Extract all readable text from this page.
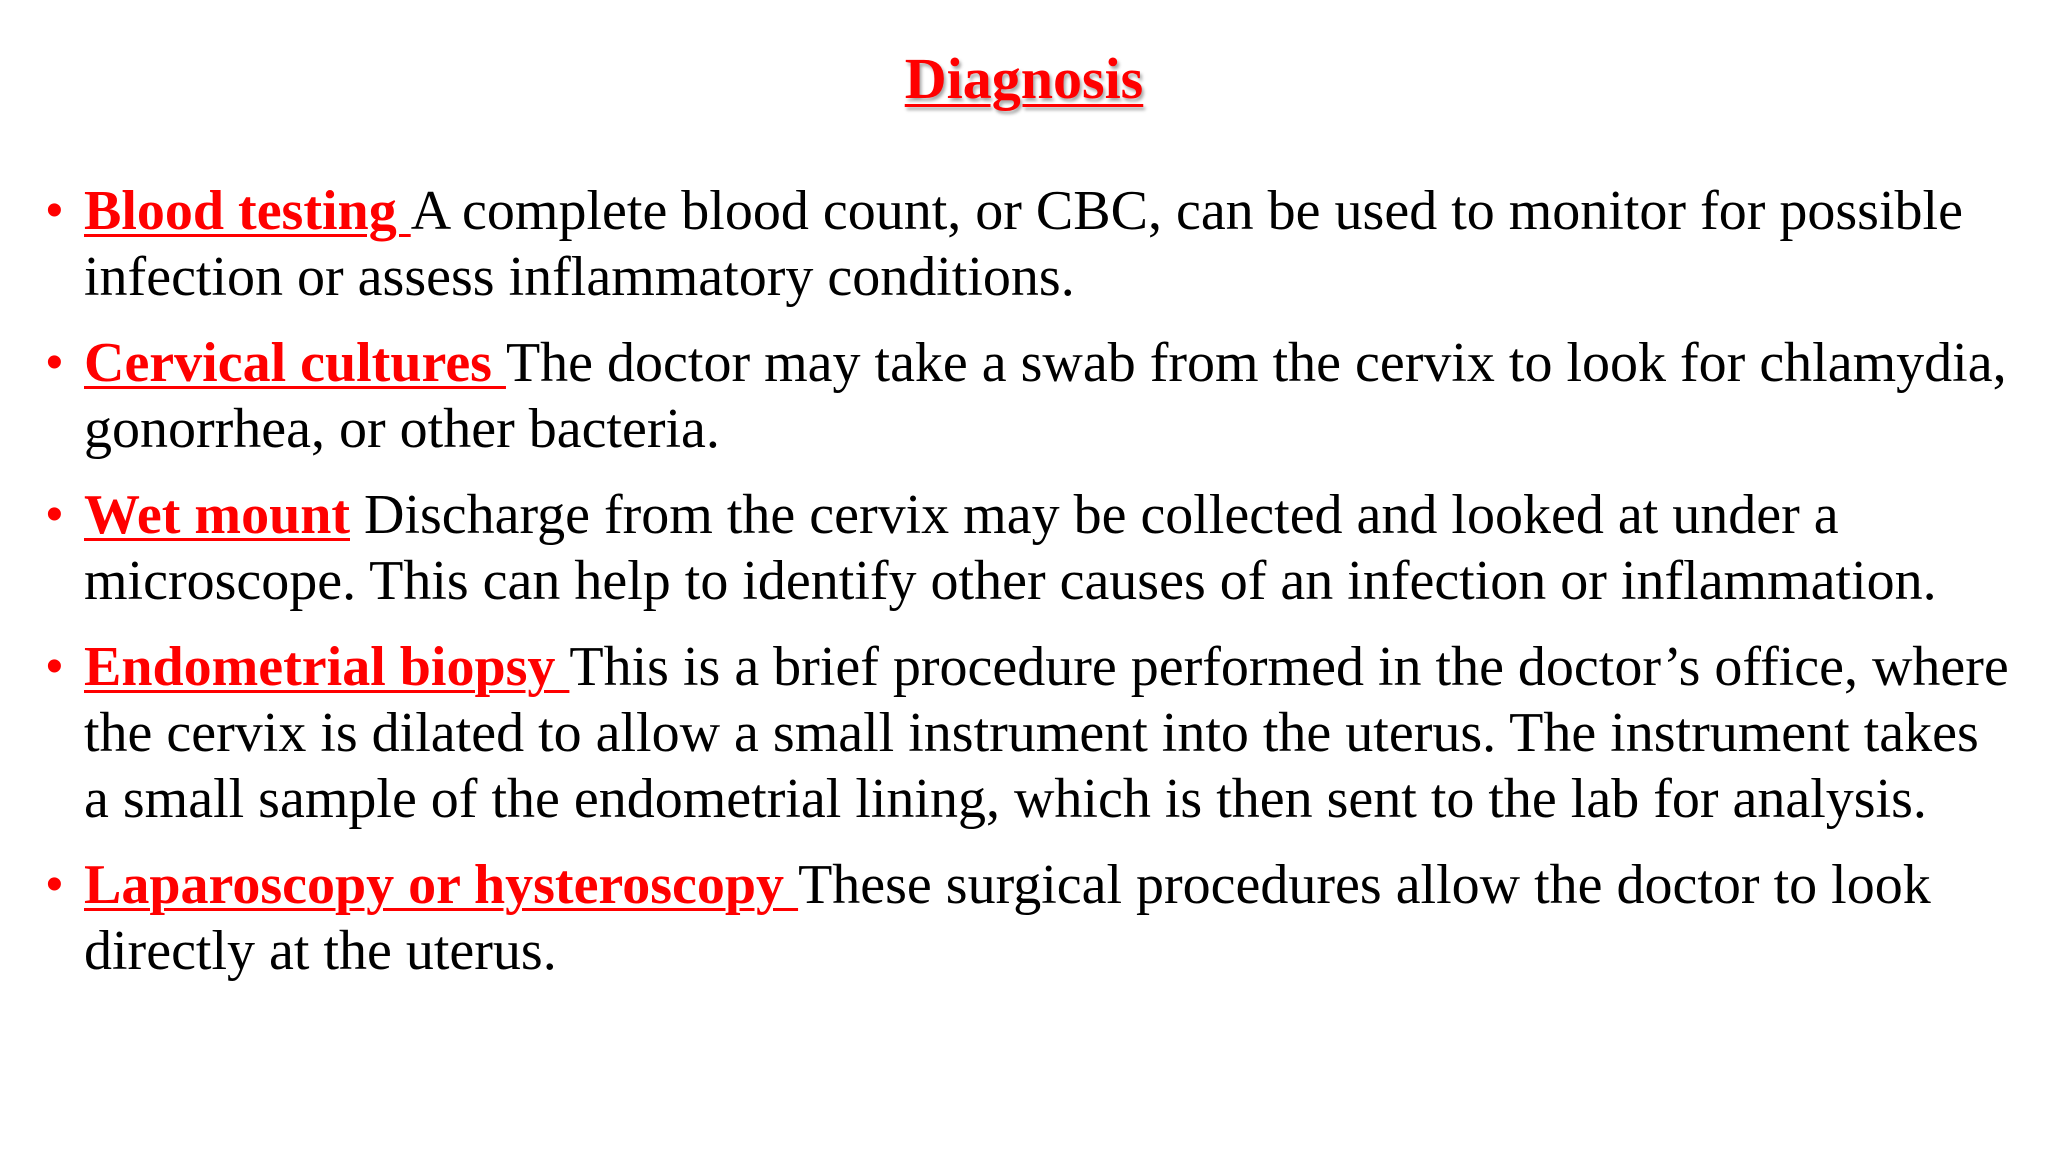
Diagnosis
• Blood testing A complete blood count, or CBC, can be used to monitor for possible infection or assess inflammatory conditions.
• Cervical cultures The doctor may take a swab from the cervix to look for chlamydia, gonorrhea, or other bacteria.
• Wet mount Discharge from the cervix may be collected and looked at under a microscope. This can help to identify other causes of an infection or inflammation.
• Endometrial biopsy This is a brief procedure performed in the doctor’s office, where the cervix is dilated to allow a small instrument into the uterus. The instrument takes a small sample of the endometrial lining, which is then sent to the lab for analysis.
• Laparoscopy or hysteroscopy These surgical procedures allow the doctor to look directly at the uterus.
